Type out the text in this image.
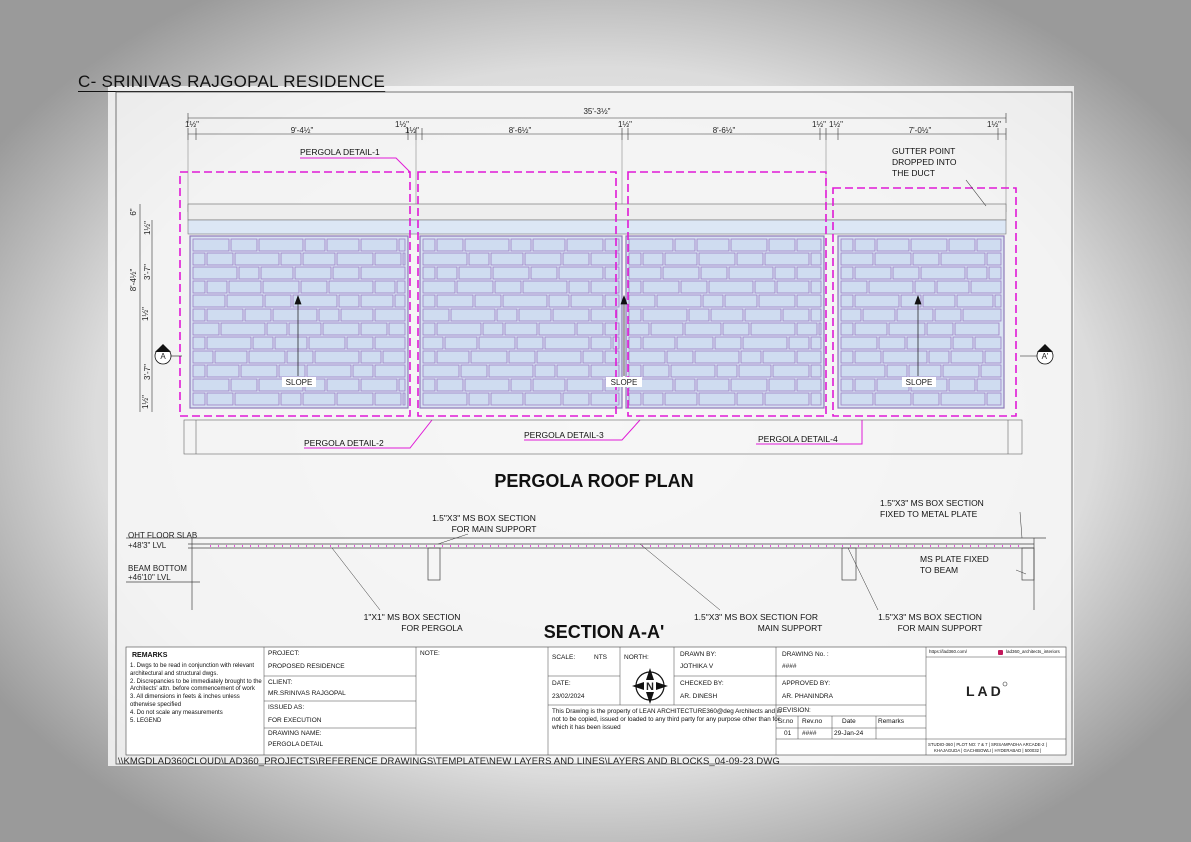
C- SRINIVAS RAJGOPAL RESIDENCE
35'-3½"
1½"
9'-4½"
1½"
1½"	8'-6½"
1½"
8'-6½"
1½" 1½"
7'-0½"
1½"
6"
1½"
8'-4½" 3'-7"
1½"
3'-7"
1½"
SLOPE	SLOPE	SLOPE
PERGOLA DETAIL-1
PERGOLA DETAIL-2
PERGOLA DETAIL-3	PERGOLA DETAIL-4
GUTTER POINT
DROPPED INTO
THE DUCT
A	A'
PERGOLA ROOF PLAN
OHT FLOOR SLAB
+48'3" LVL
BEAM BOTTOM
+46'10" LVL
1.5"X3" MS BOX SECTION
FOR MAIN SUPPORT
1.5"X3" MS BOX SECTION
FIXED TO METAL PLATE
MS PLATE FIXED
TO BEAM
1"X1" MS BOX SECTION
FOR PERGOLA
1.5"X3" MS BOX SECTION FOR
MAIN SUPPORT
1.5"X3" MS BOX SECTION
FOR MAIN SUPPORT
SECTION A-A'
N	LAD
REMARKS
1. Dwgs to be read in conjunction with relevant architectural and structural dwgs.
2. Discrepancies to be immediately brought to the Architects' attn. before commencement of work
3. All dimensions in feets & inches unless otherwise specified
4. Do not scale any measurements
5. LEGEND
PROJECT:
PROPOSED RESIDENCE
CLIENT:
MR.SRINIVAS RAJGOPAL
ISSUED AS:
FOR EXECUTION
DRAWING NAME:
PERGOLA DETAIL
NOTE:
SCALE:	NTS
DATE:
23/02/2024
NORTH:
This Drawing is the property of LEAN ARCHITECTURE360@deg Architects and is not to be copied, issued or loaded to any third party for any purpose other than for which it has been issued
DRAWN BY:
JOTHIKA V
CHECKED BY:
AR. DINESH
DRAWING No. :
####
APPROVED BY:
AR. PHANINDRA
REVISION:
Sr.no Rev.no	Date	Remarks
01 ####	29-Jan-24
https://lad360.com/	lad360_architects_interiors
STUDIO-360 | PLOT NO: 7 & 7 | SRISAMPADHA ARCADE-2 |
KHAJAGUDA | GACHIBOWLI | HYDERABAD | 500032 |
\\KMGDLAD360CLOUD\LAD360_PROJECTS\REFERENCE DRAWINGS\TEMPLATE\NEW LAYERS AND LINES\LAYERS AND BLOCKS_04-09-23.DWG
